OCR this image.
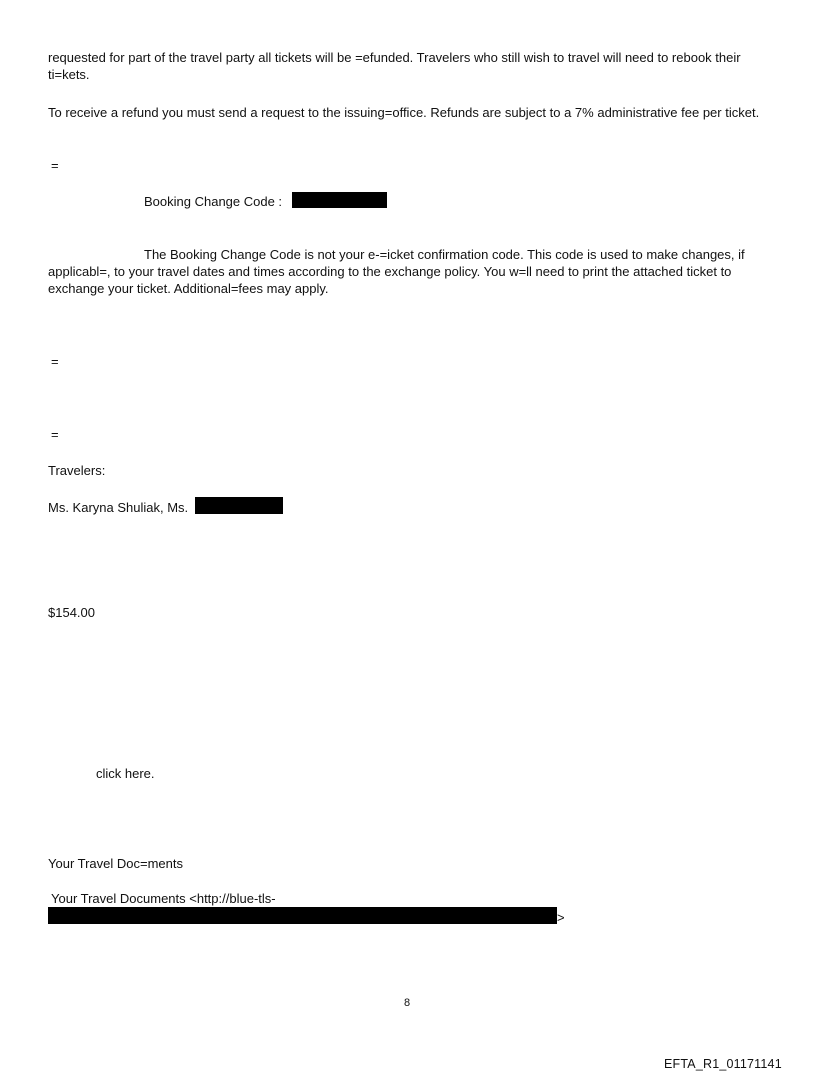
requested for part of the travel party all tickets will be =efunded. Travelers who still wish to travel will need to rebook their ti=kets.
To receive a refund you must send a request to the issuing=office. Refunds are subject to a 7% administrative fee per ticket.
=
Booking Change Code :
The Booking Change Code is not your e-=icket confirmation code. This code is used to make changes, if applicabl=, to your travel dates and times according to the exchange policy. You w=ll need to print the attached ticket to exchange your ticket. Additional=fees may apply.
=
=
Travelers:
Ms. Karyna Shuliak, Ms.
$154.00
click here.
Your Travel Doc=ments
Your Travel Documents <http://blue-tls-
>
8
EFTA_R1_01171141
